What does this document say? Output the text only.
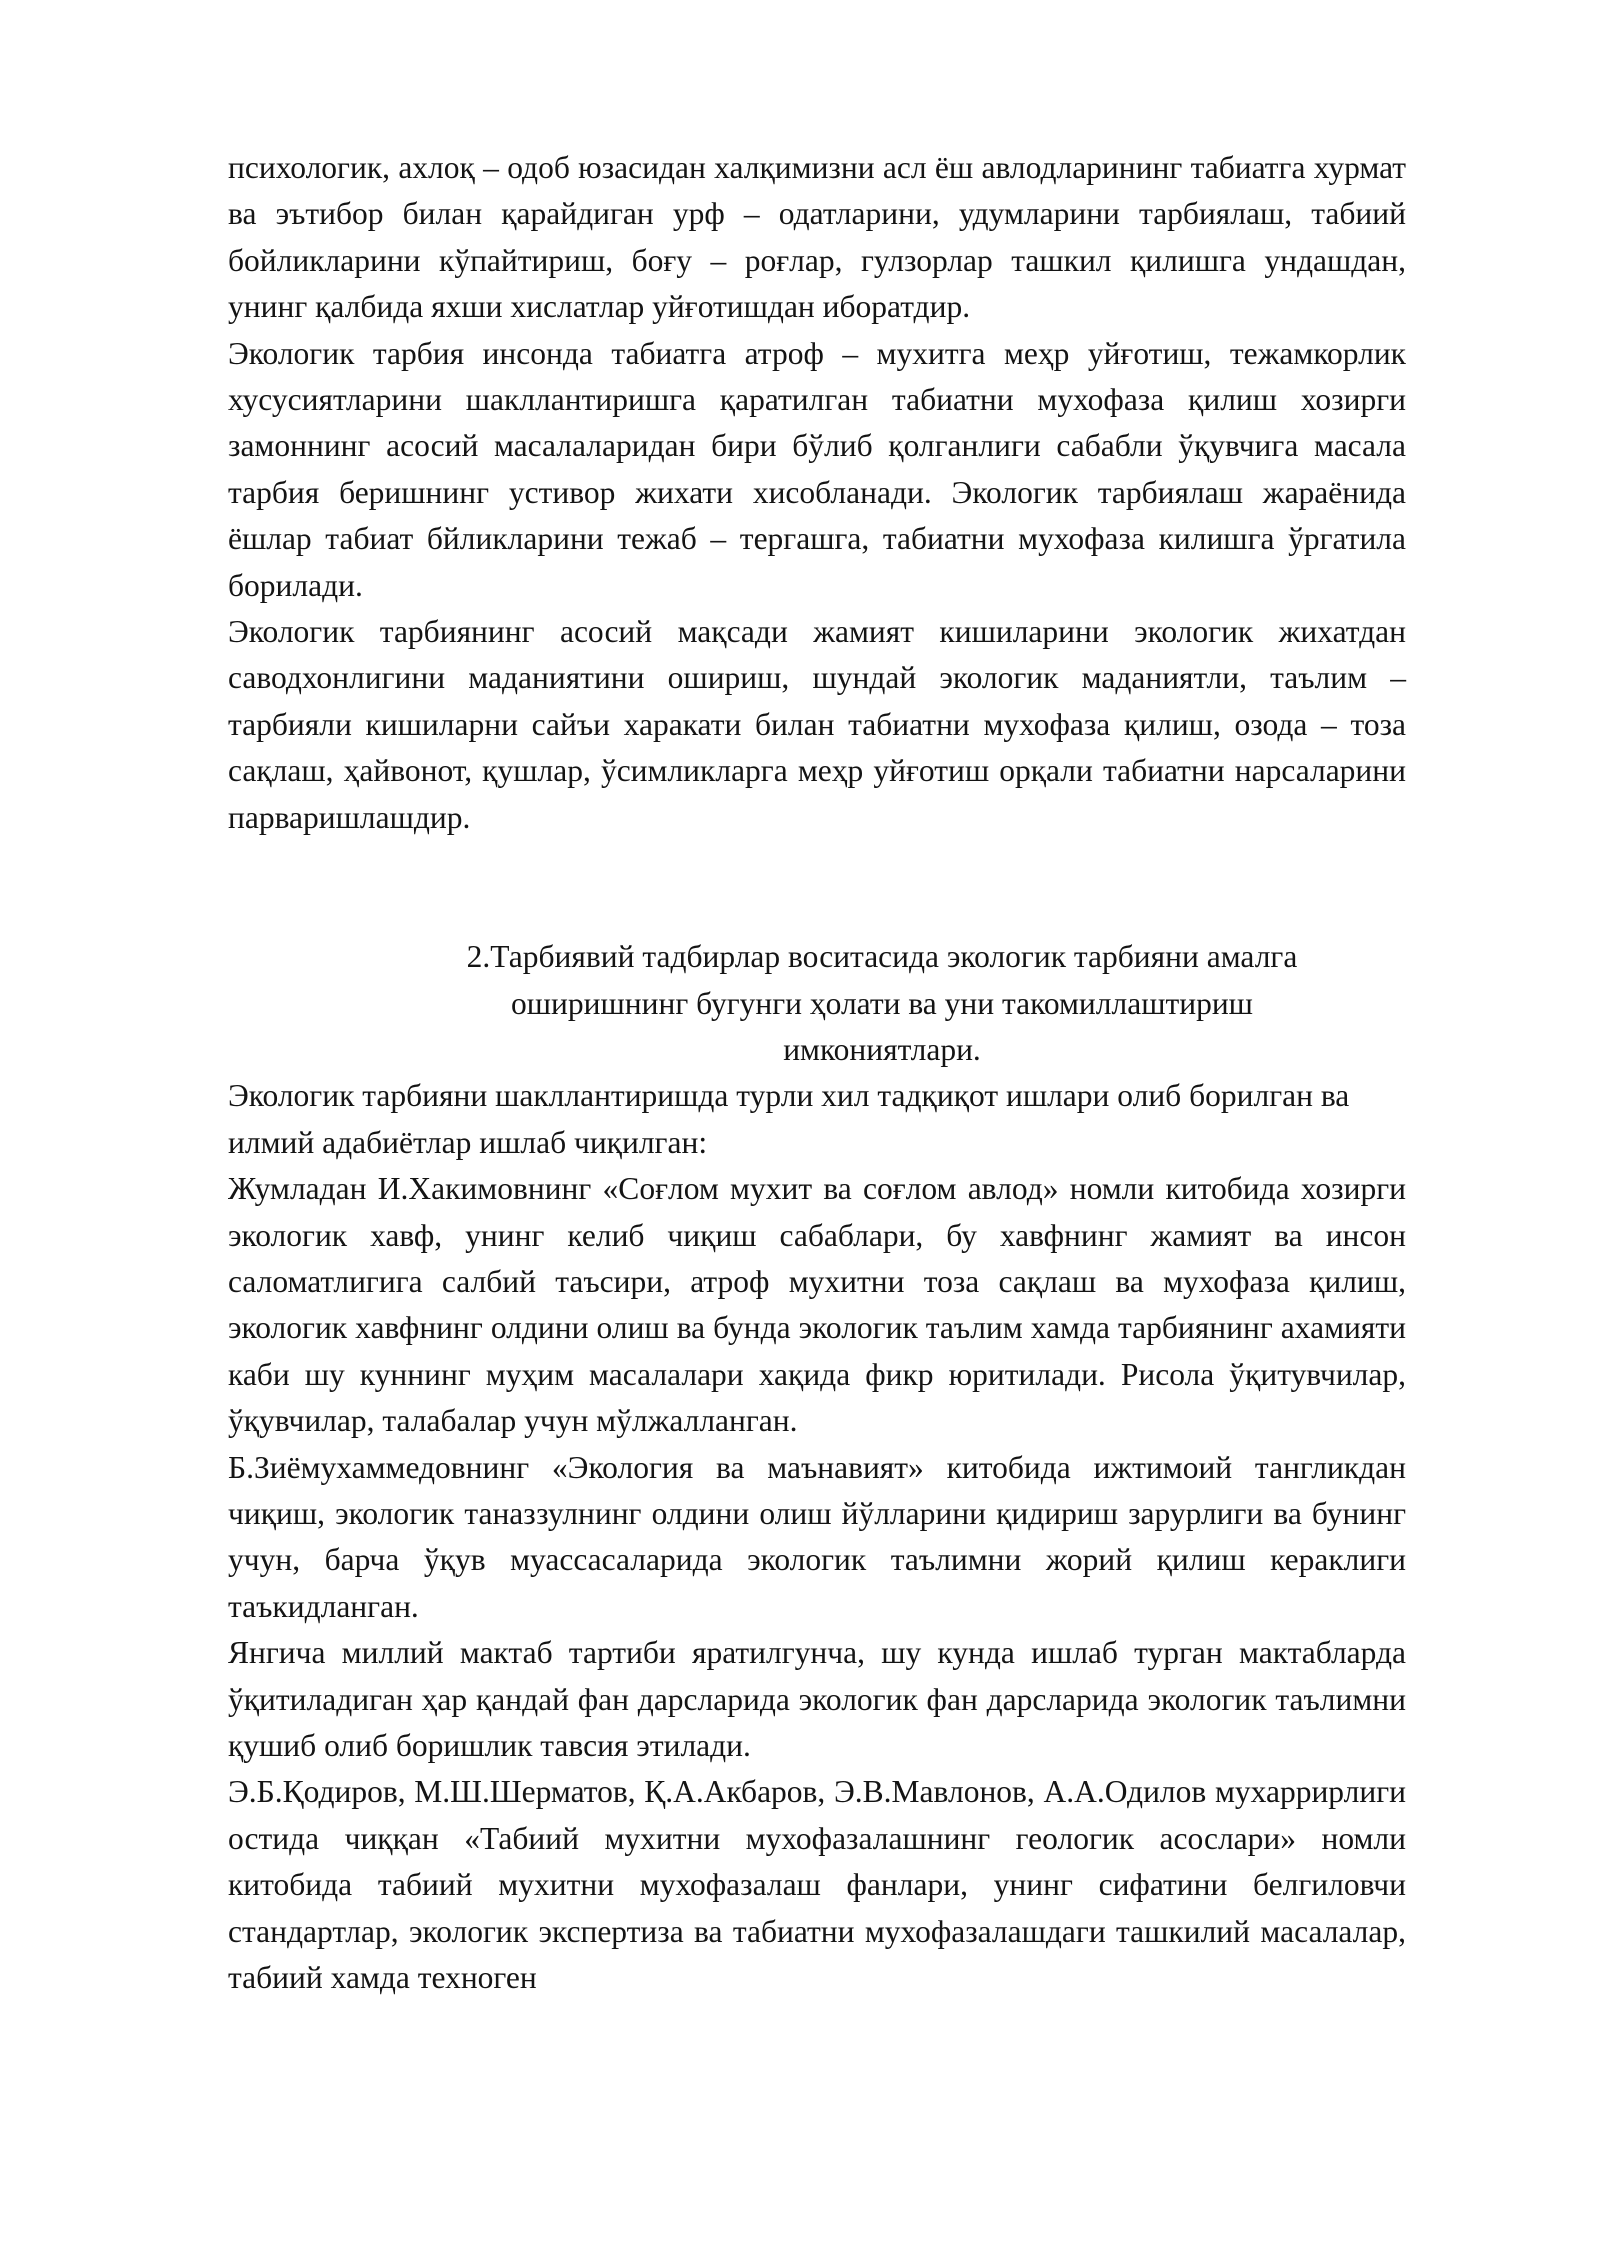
психологик, ахлоқ – одоб юзасидан халқимизни асл ёш авлодларининг табиатга хурмат ва эътибор билан қарайдиган урф – одатларини, удумларини тарбиялаш, табиий бойликларини кўпайтириш, боғу – роғлар, гулзорлар ташкил қилишга ундашдан, унинг қалбида яхши хислатлар уйғотишдан иборатдир.

Экологик тарбия инсонда табиатга атроф – мухитга меҳр уйғотиш, тежамкорлик хусусиятларини шакллантиришга қаратилган табиатни мухофаза қилиш хозирги замоннинг асосий масалаларидан бири бўлиб қолганлиги сабабли ўқувчига масала тарбия беришнинг устивор жихати хисобланади. Экологик тарбиялаш жараёнида ёшлар табиат бйликларини тежаб – тергашга, табиатни мухофаза килишга ўргатила борилади.

Экологик тарбиянинг асосий мақсади жамият кишиларини экологик жихатдан саводхонлигини маданиятини ошириш, шундай экологик маданиятли, таълим – тарбияли кишиларни сайъи харакати билан табиатни мухофаза қилиш, озода – тоза сақлаш, ҳайвонот, қушлар, ўсимликларга меҳр уйғотиш орқали табиатни нарсаларини парваришлашдир.

2.Тарбиявий тадбирлар воситасида экологик тарбияни амалга
оширишнинг бугунги ҳолати ва уни такомиллаштириш
имкониятлари.

Экологик тарбияни шакллантиришда турли хил тадқиқот ишлари олиб борилган ва илмий адабиётлар ишлаб чиқилган:

Жумладан И.Хакимовнинг «Соғлом мухит ва соғлом авлод» номли китобида хозирги экологик хавф, унинг келиб чиқиш сабаблари, бу хавфнинг жамият ва инсон саломатлигига салбий таъсири, атроф мухитни тоза сақлаш ва мухофаза қилиш, экологик хавфнинг олдини олиш ва бунда экологик таълим хамда тарбиянинг ахамияти каби шу куннинг муҳим масалалари хақида фикр юритилади. Рисола ўқитувчилар, ўқувчилар, талабалар учун мўлжалланган.

Б.Зиёмухаммедовнинг «Экология ва маънавият» китобида ижтимоий тангликдан чиқиш, экологик таназзулнинг олдини олиш йўлларини қидириш зарурлиги ва бунинг учун, барча ўқув муассасаларида экологик таълимни жорий қилиш кераклиги таъкидланган.

Янгича миллий мактаб тартиби яратилгунча, шу кунда ишлаб турган мактабларда ўқитиладиган ҳар қандай фан дарсларида экологик фан дарсларида экологик таълимни қушиб олиб боришлик тавсия этилади.

Э.Б.Қодиров, М.Ш.Шерматов, Қ.А.Акбаров, Э.В.Мавлонов, А.А.Одилов мухаррирлиги остида чиққан «Табиий мухитни мухофазалашнинг геологик асослари» номли китобида табиий мухитни мухофазалаш фанлари, унинг сифатини белгиловчи стандартлар, экологик экспертиза ва табиатни мухофазалашдаги ташкилий масалалар, табиий хамда техноген
